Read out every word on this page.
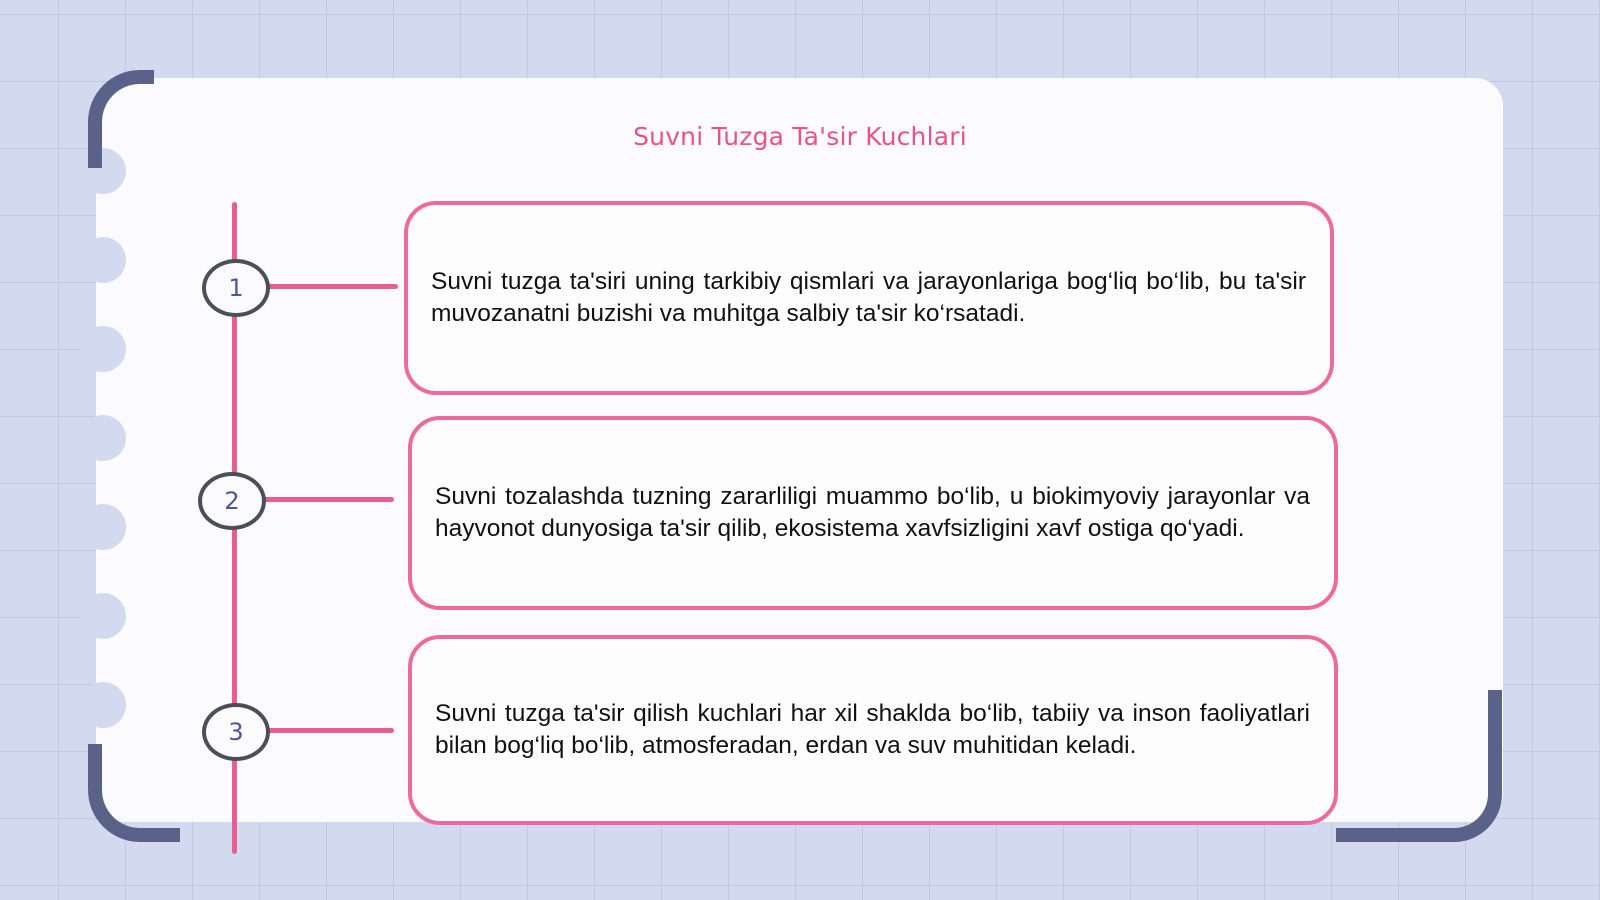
Suvni Tuzga Ta'sir Kuchlari
1
2
3

Suvni tuzga ta'siri uning tarkibiy qismlari va jarayonlariga bog‘liq bo‘lib, bu ta'sir muvozanatni buzishi va muhitga salbiy ta'sir ko‘rsatadi.

Suvni tozalashda tuzning zararliligi muammo bo‘lib, u biokimyoviy jarayonlar va hayvonot dunyosiga ta'sir qilib, ekosistema xavfsizligini xavf ostiga qo‘yadi.

Suvni tuzga ta'sir qilish kuchlari har xil shaklda bo‘lib, tabiiy va inson faoliyatlari bilan bog‘liq bo‘lib, atmosferadan, erdan va suv muhitidan keladi.
